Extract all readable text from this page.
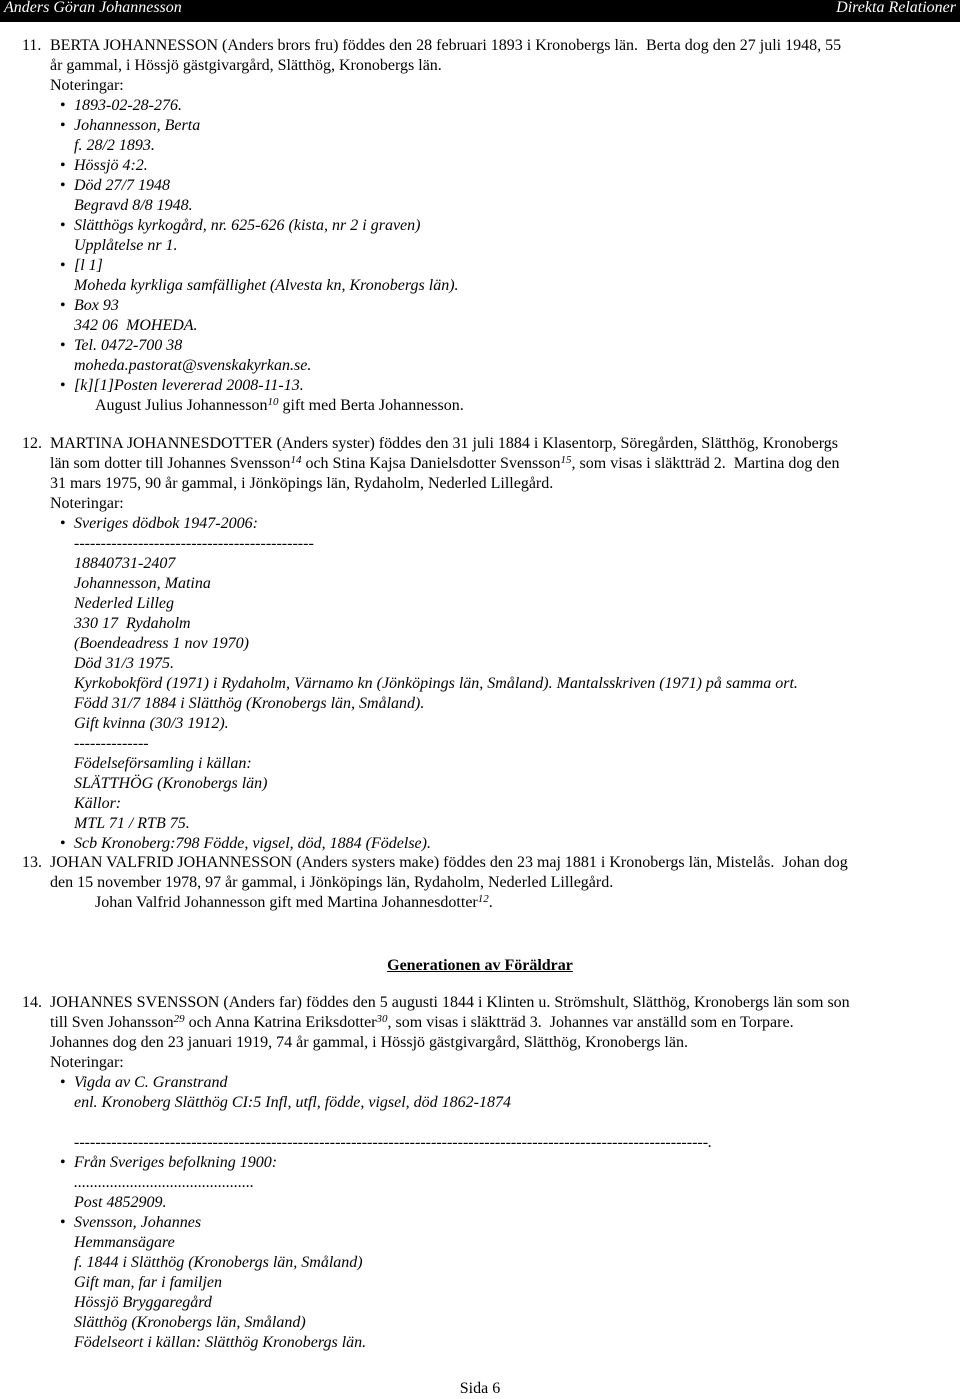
Anders Göran Johannesson	Direkta Relationer
11. BERTA JOHANNESSON (Anders brors fru) föddes den 28 februari 1893 i Kronobergs län.  Berta dog den 27 juli 1948, 55
år gammal, i Hössjö gästgivargård, Slätthög, Kronobergs län.
Noteringar:
• 1893-02-28-276.
• Johannesson, Berta
f. 28/2 1893.
• Hössjö 4:2.
• Död 27/7 1948
Begravd 8/8 1948.
• Slätthögs kyrkogård, nr. 625-626 (kista, nr 2 i graven)
Upplåtelse nr 1.
• [l 1]
Moheda kyrkliga samfällighet (Alvesta kn, Kronobergs län).
• Box 93
342 06  MOHEDA.
• Tel. 0472-700 38
moheda.pastorat@svenskakyrkan.se.
• [k][1]Posten levererad 2008-11-13.
August Julius Johannesson$^{10}$ gift med Berta Johannesson.
12. MARTINA JOHANNESDOTTER (Anders syster) föddes den 31 juli 1884 i Klasentorp, Söregården, Slätthög, Kronobergs
län som dotter till Johannes Svensson$^{14}$ och Stina Kajsa Danielsdotter Svensson$^{15}$, som visas i släktträd 2.  Martina dog den
31 mars 1975, 90 år gammal, i Jönköpings län, Rydaholm, Nederled Lillegård.
Noteringar:
• Sveriges dödbok 1947-2006:
---------------------------------------------
18840731-2407
Johannesson, Matina
Nederled Lilleg
330 17  Rydaholm
(Boendeadress 1 nov 1970)
Död 31/3 1975.
Kyrkobokförd (1971) i Rydaholm, Värnamo kn (Jönköpings län, Småland). Mantalsskriven (1971) på samma ort.
Född 31/7 1884 i Slätthög (Kronobergs län, Småland).
Gift kvinna (30/3 1912).
--------------
Födelseförsamling i källan:
SLÄTTHÖG (Kronobergs län)
Källor:
MTL 71 / RTB 75.
• Scb Kronoberg:798 Födde, vigsel, död, 1884 (Födelse).
13. JOHAN VALFRID JOHANNESSON (Anders systers make) föddes den 23 maj 1881 i Kronobergs län, Mistelås.  Johan dog
den 15 november 1978, 97 år gammal, i Jönköpings län, Rydaholm, Nederled Lillegård.
Johan Valfrid Johannesson gift med Martina Johannesdotter$^{12}$.
Generationen av Föräldrar
14. JOHANNES SVENSSON (Anders far) föddes den 5 augusti 1844 i Klinten u. Strömshult, Slätthög, Kronobergs län som son
till Sven Johansson$^{29}$ och Anna Katrina Eriksdotter$^{30}$, som visas i släktträd 3.  Johannes var anställd som en Torpare.
Johannes dog den 23 januari 1919, 74 år gammal, i Hössjö gästgivargård, Slätthög, Kronobergs län.
Noteringar:
• Vigda av C. Granstrand
enl. Kronoberg Slätthög CI:5 Infl, utfl, födde, vigsel, död 1862-1874
-----------------------------------------------------------------------------------------------------------------------.
• Från Sveriges befolkning 1900:
.............................................
Post 4852909.
• Svensson, Johannes
Hemmansägare
f. 1844 i Slätthög (Kronobergs län, Småland)
Gift man, far i familjen
Hössjö Bryggaregård
Slätthög (Kronobergs län, Småland)
Födelseort i källan: Slätthög Kronobergs län.
Sida 6
